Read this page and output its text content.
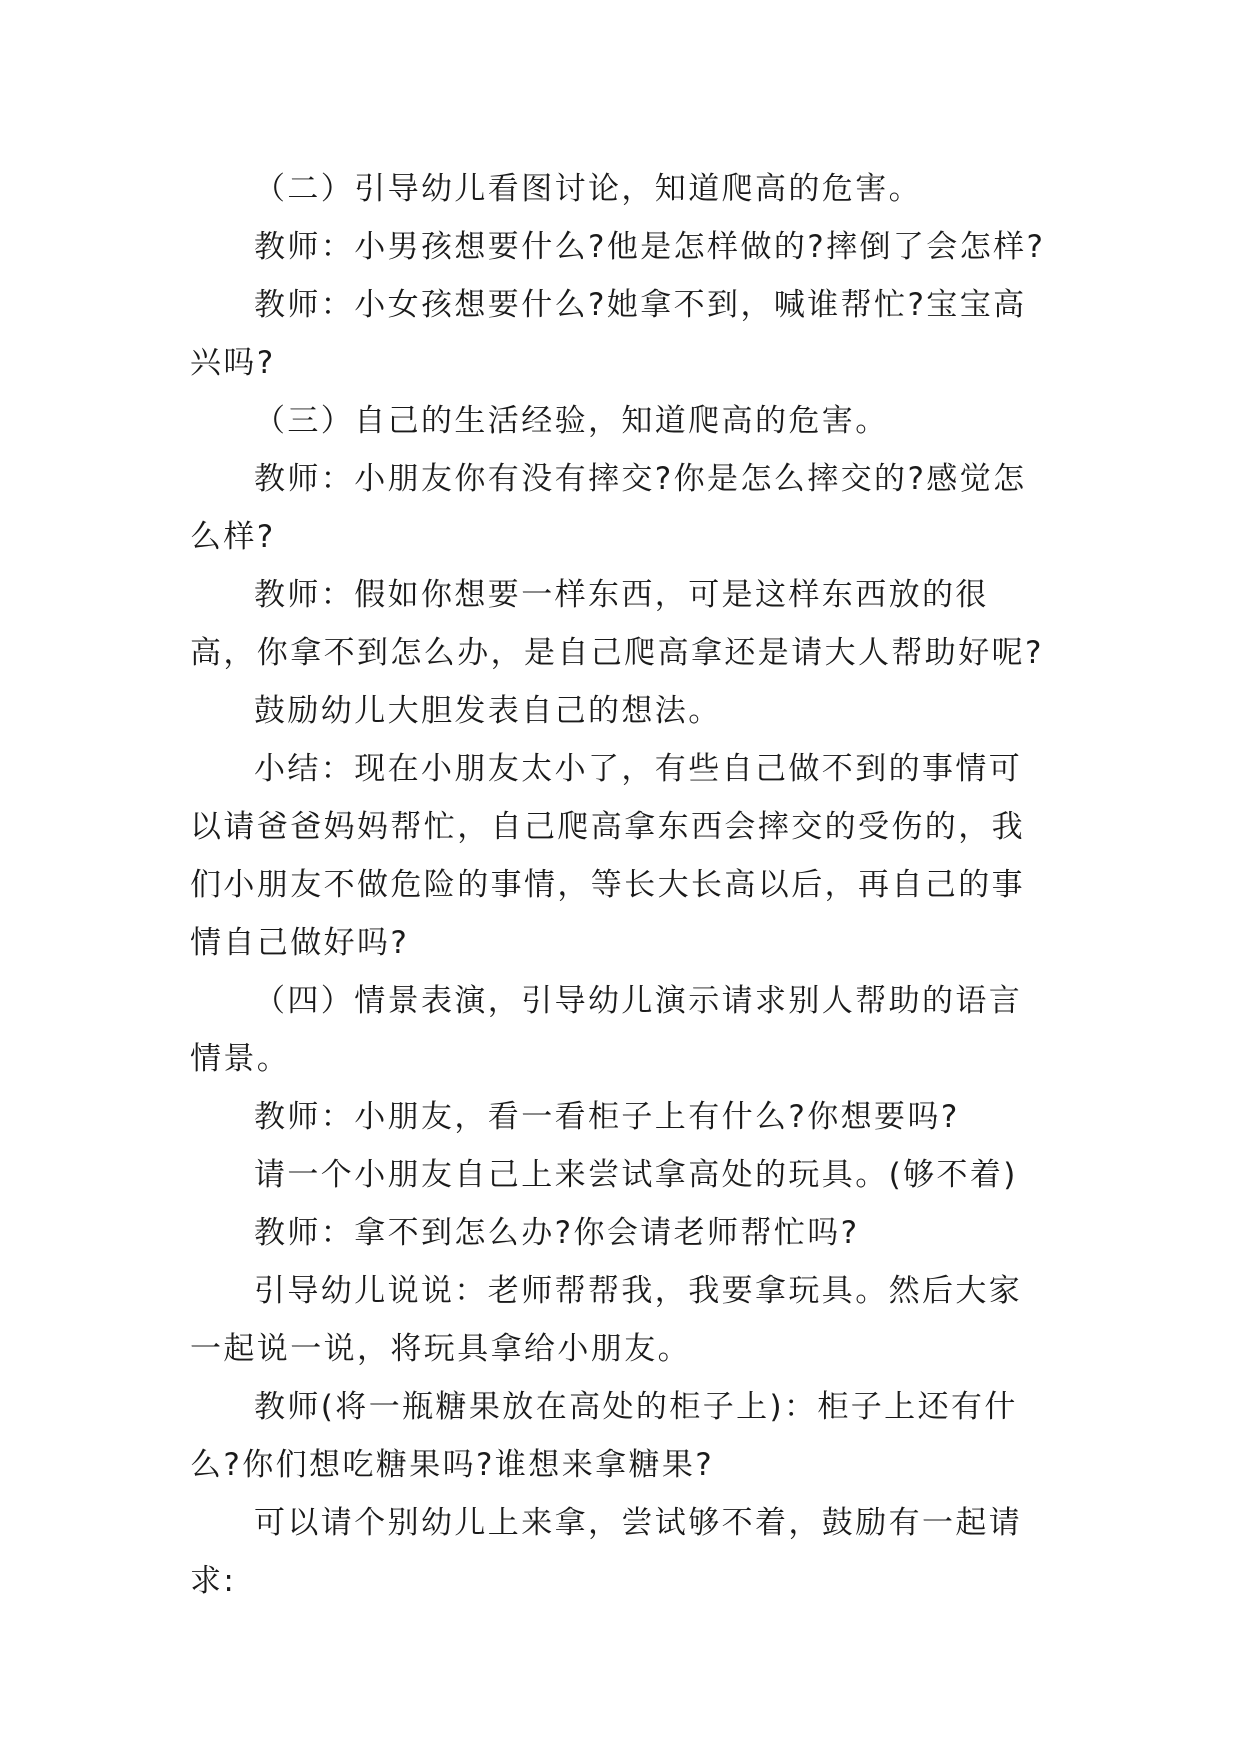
（二）引导幼儿看图讨论，知道爬高的危害。

教师：小男孩想要什么?他是怎样做的?摔倒了会怎样?

教师：小女孩想要什么?她拿不到，喊谁帮忙?宝宝高兴吗?

（三）自己的生活经验，知道爬高的危害。

教师：小朋友你有没有摔交?你是怎么摔交的?感觉怎么样?

教师：假如你想要一样东西，可是这样东西放的很高，你拿不到怎么办，是自己爬高拿还是请大人帮助好呢?

鼓励幼儿大胆发表自己的想法。

小结：现在小朋友太小了，有些自己做不到的事情可以请爸爸妈妈帮忙，自己爬高拿东西会摔交的受伤的，我们小朋友不做危险的事情，等长大长高以后，再自己的事情自己做好吗?

（四）情景表演，引导幼儿演示请求别人帮助的语言情景。

教师：小朋友，看一看柜子上有什么?你想要吗?

请一个小朋友自己上来尝试拿高处的玩具。(够不着)

教师：拿不到怎么办?你会请老师帮忙吗?

引导幼儿说说：老师帮帮我，我要拿玩具。然后大家一起说一说，将玩具拿给小朋友。

教师(将一瓶糖果放在高处的柜子上)：柜子上还有什么?你们想吃糖果吗?谁想来拿糖果?

可以请个别幼儿上来拿，尝试够不着，鼓励有一起请求:
